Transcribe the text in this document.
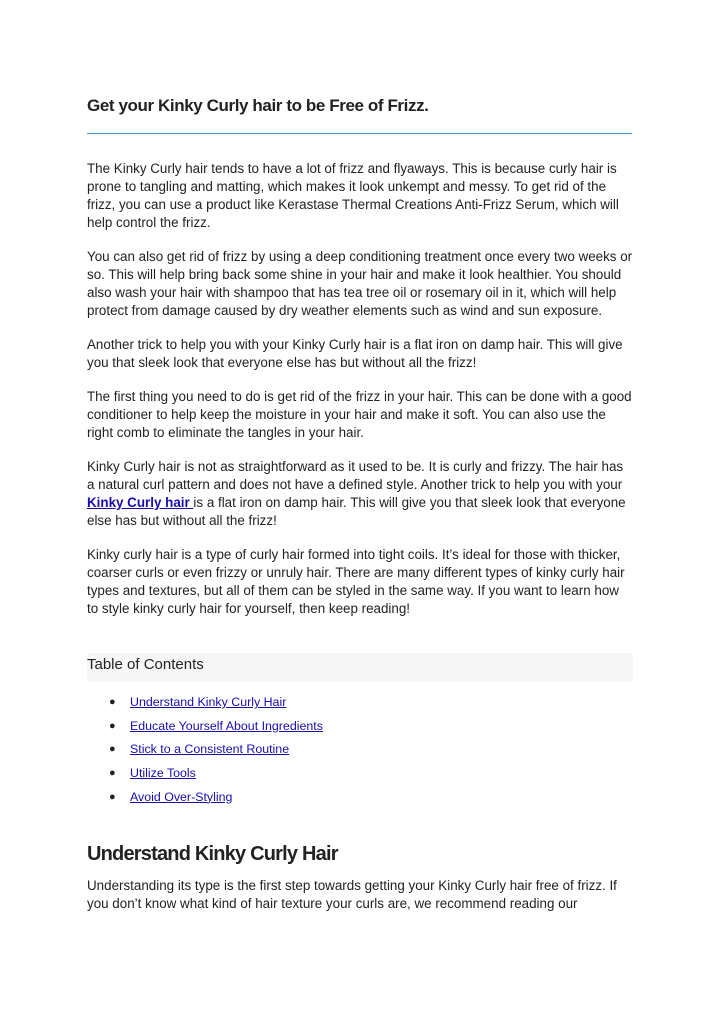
Get your Kinky Curly hair to be Free of Frizz.

The Kinky Curly hair tends to have a lot of frizz and flyaways. This is because curly hair is prone to tangling and matting, which makes it look unkempt and messy. To get rid of the frizz, you can use a product like Kerastase Thermal Creations Anti-Frizz Serum, which will help control the frizz.

You can also get rid of frizz by using a deep conditioning treatment once every two weeks or so. This will help bring back some shine in your hair and make it look healthier. You should also wash your hair with shampoo that has tea tree oil or rosemary oil in it, which will help protect from damage caused by dry weather elements such as wind and sun exposure.

Another trick to help you with your Kinky Curly hair is a flat iron on damp hair. This will give you that sleek look that everyone else has but without all the frizz!

The first thing you need to do is get rid of the frizz in your hair. This can be done with a good conditioner to help keep the moisture in your hair and make it soft. You can also use the right comb to eliminate the tangles in your hair.

Kinky Curly hair is not as straightforward as it used to be. It is curly and frizzy. The hair has a natural curl pattern and does not have a defined style. Another trick to help you with your Kinky Curly hair is a flat iron on damp hair. This will give you that sleek look that everyone else has but without all the frizz!

Kinky curly hair is a type of curly hair formed into tight coils. It’s ideal for those with thicker, coarser curls or even frizzy or unruly hair. There are many different types of kinky curly hair types and textures, but all of them can be styled in the same way. If you want to learn how to style kinky curly hair for yourself, then keep reading!

Table of Contents
● Understand Kinky Curly Hair
● Educate Yourself About Ingredients
● Stick to a Consistent Routine
● Utilize Tools
● Avoid Over-Styling
Understand Kinky Curly Hair

Understanding its type is the first step towards getting your Kinky Curly hair free of frizz. If you don’t know what kind of hair texture your curls are, we recommend reading our
